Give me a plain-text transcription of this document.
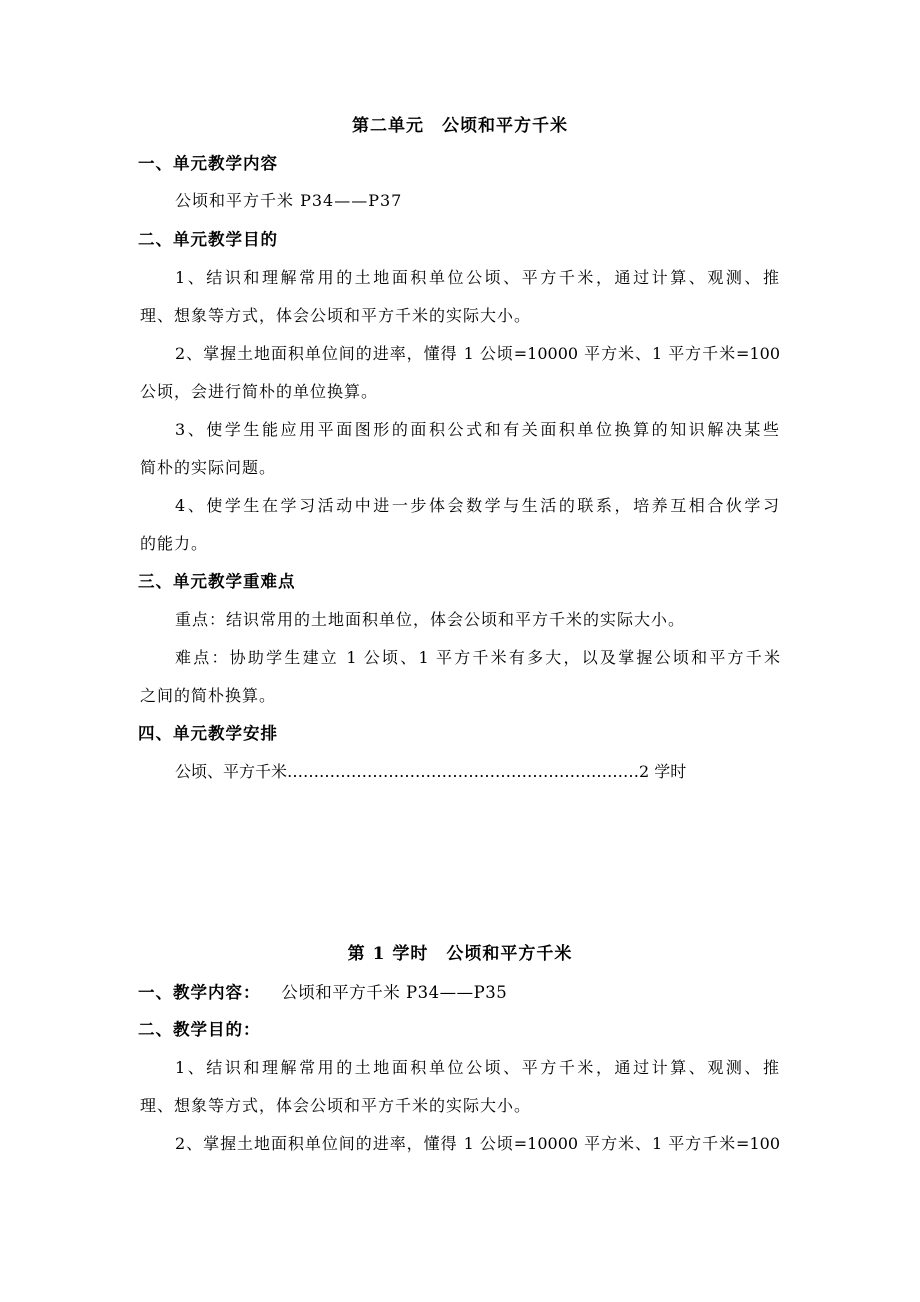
第二单元　公顷和平方千米
一、单元教学内容
公顷和平方千米 P34——P37
二、单元教学目的
1、结识和理解常用的土地面积单位公顷、平方千米，通过计算、观测、推
理、想象等方式，体会公顷和平方千米的实际大小。
2、掌握土地面积单位间的进率，懂得 1 公顷=10000 平方米、1 平方千米=100
公顷，会进行简朴的单位换算。
3、使学生能应用平面图形的面积公式和有关面积单位换算的知识解决某些
简朴的实际问题。
4、使学生在学习活动中进一步体会数学与生活的联系，培养互相合伙学习
的能力。
三、单元教学重难点
重点：结识常用的土地面积单位，体会公顷和平方千米的实际大小。
难点：协助学生建立 1 公顷、1 平方千米有多大，以及掌握公顷和平方千米
之间的简朴换算。
四、单元教学安排
公顷、平方千米…………………………………………………………2 学时
第 1 学时　公顷和平方千米
一、教学内容： 公顷和平方千米 P34——P35
二、教学目的：
1、结识和理解常用的土地面积单位公顷、平方千米，通过计算、观测、推
理、想象等方式，体会公顷和平方千米的实际大小。
2、掌握土地面积单位间的进率，懂得 1 公顷=10000 平方米、1 平方千米=100
